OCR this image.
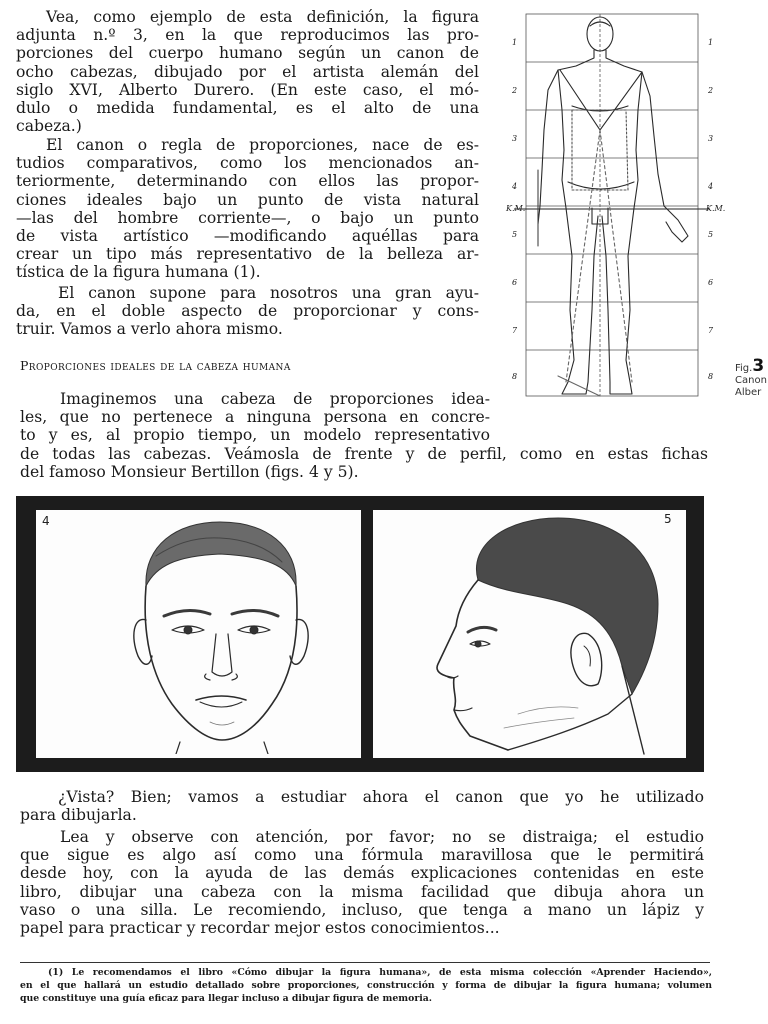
Vea, como ejemplo de esta definición, la figura
adjunta n.º 3, en la que reproducimos las pro-
porciones del cuerpo humano según un canon de
ocho cabezas, dibujado por el artista alemán del
siglo XVI, Alberto Durero. (En este caso, el mó-
dulo o medida fundamental, es el alto de una
cabeza.)
El canon o regla de proporciones, nace de es-
tudios comparativos, como los mencionados an-
teriormente, determinando con ellos las propor-
ciones ideales bajo un punto de vista natural
—las del hombre corriente—, o bajo un punto
de vista artístico —modificando aquéllas para
crear un tipo más representativo de la belleza ar-
tística de la figura humana (1).
El canon supone para nosotros una gran ayu-
da, en el doble aspecto de proporcionar y cons-
truir. Vamos a verlo ahora mismo.
Proporciones ideales de la cabeza humana
Imaginemos una cabeza de proporciones idea-
les, que no pertenece a ninguna persona en concre-
to y es, al propio tiempo, un modelo representativo
de todas las cabezas. Veámosla de frente y de perfil, como en estas fichas
del famoso Monsieur Bertillon (figs. 4 y 5).
1
2
3
4
K.M.
5
6
7
8
1
2
3
4
K.M.
5
6
7
8
Fig.3
Canon
Alber
4	5
¿Vista? Bien; vamos a estudiar ahora el canon que yo he utilizado
para dibujarla.
Lea y observe con atención, por favor; no se distraiga; el estudio
que sigue es algo así como una fórmula maravillosa que le permitirá
desde hoy, con la ayuda de las demás explicaciones contenidas en este
libro, dibujar una cabeza con la misma facilidad que dibuja ahora un
vaso o una silla. Le recomiendo, incluso, que tenga a mano un lápiz y
papel para practicar y recordar mejor estos conocimientos...
(1) Le recomendamos el libro «Cómo dibujar la figura humana», de esta misma colección «Aprender Haciendo»,
en el que hallará un estudio detallado sobre proporciones, construcción y forma de dibujar la figura humana; volumen
que constituye una guía eficaz para llegar incluso a dibujar figura de memoria.
